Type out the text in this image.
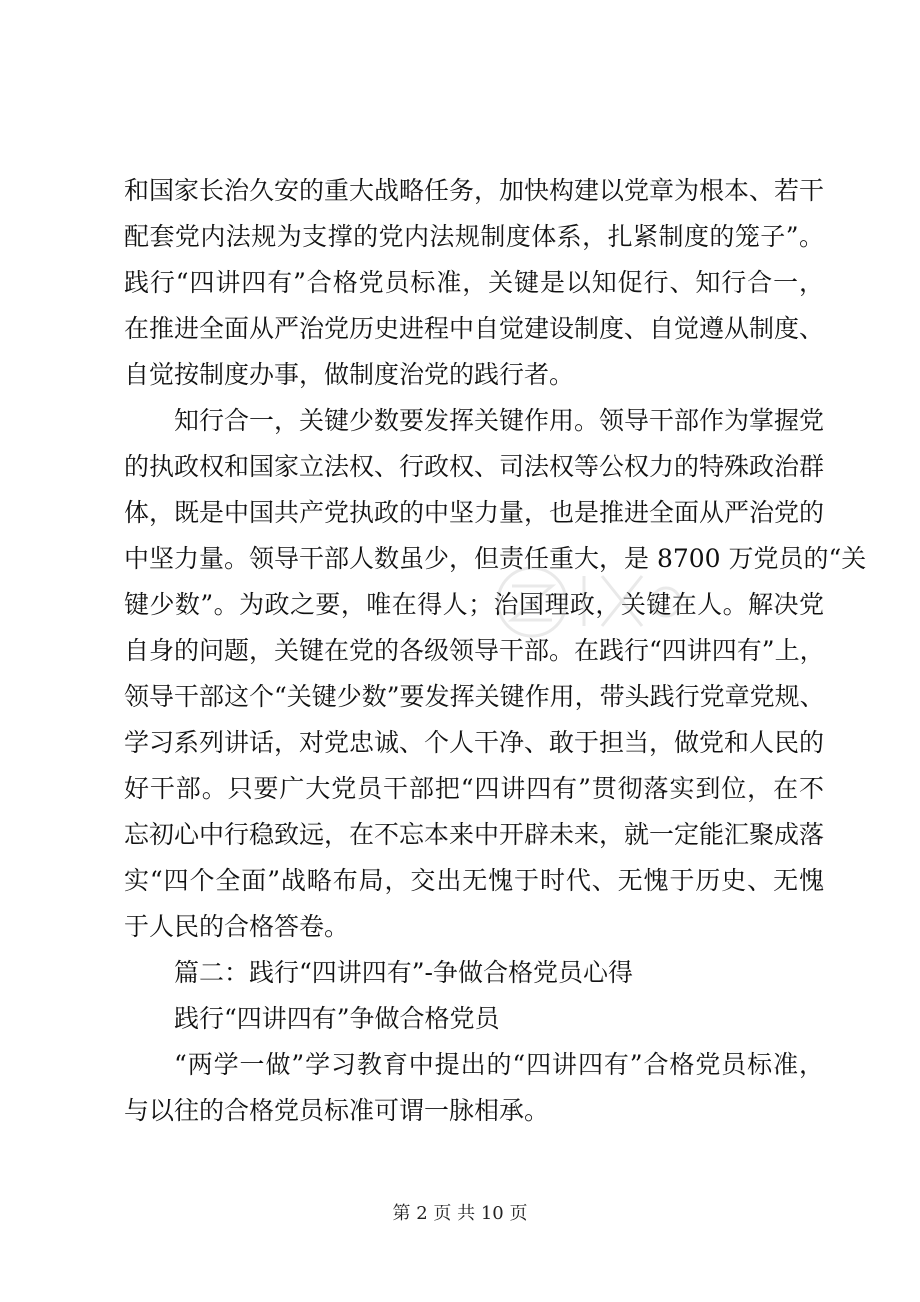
和国家长治久安的重大战略任务，加快构建以党章为根本、若干
配套党内法规为支撑的党内法规制度体系，扎紧制度的笼子”。
践行“四讲四有”合格党员标准，关键是以知促行、知行合一，
在推进全面从严治党历史进程中自觉建设制度、自觉遵从制度、
自觉按制度办事，做制度治党的践行者。
知行合一，关键少数要发挥关键作用。领导干部作为掌握党
的执政权和国家立法权、行政权、司法权等公权力的特殊政治群
体，既是中国共产党执政的中坚力量，也是推进全面从严治党的
中坚力量。领导干部人数虽少，但责任重大，是 8700 万党员的“关
键少数”。为政之要，唯在得人；治国理政，关键在人。解决党
自身的问题，关键在党的各级领导干部。在践行“四讲四有”上，
领导干部这个“关键少数”要发挥关键作用，带头践行党章党规、
学习系列讲话，对党忠诚、个人干净、敢于担当，做党和人民的
好干部。只要广大党员干部把“四讲四有”贯彻落实到位，在不
忘初心中行稳致远，在不忘本来中开辟未来，就一定能汇聚成落
实“四个全面”战略布局，交出无愧于时代、无愧于历史、无愧
于人民的合格答卷。
篇二：践行“四讲四有”-争做合格党员心得
践行“四讲四有”争做合格党员
“两学一做”学习教育中提出的“四讲四有”合格党员标准，
与以往的合格党员标准可谓一脉相承。
第 2 页 共 10 页
